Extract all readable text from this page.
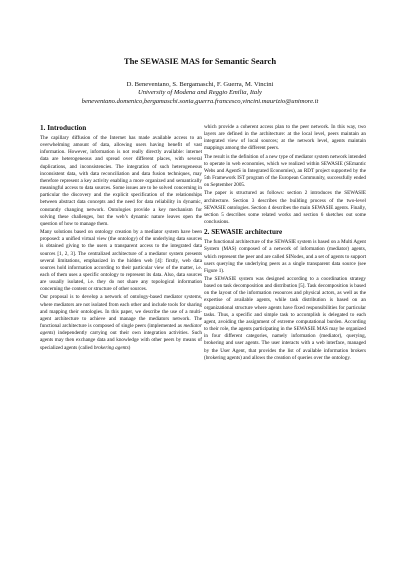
The SEWASIE MAS for Semantic Search
D. Beneventano, S. Bergamaschi, F. Guerra, M. Vincini
University of Modena and Reggio Emilia, Italy
beneventano.domenico,bergamaschi.sonia,guerra.francesco,vincini.maurizio@unimore.it
1. Introduction

The capillary diffusion of the Internet has made available access to an overwhelming amount of data, allowing users having benefit of vast information. However, information is not really directly available: internet data are heterogeneous and spread over different places, with several duplications, and inconsistencies. The integration of such heterogeneous inconsistent data, with data reconciliation and data fusion techniques, may therefore represent a key activity enabling a more organized and semantically meaningful access to data sources. Some issues are to be solved concerning in particular the discovery and the explicit specification of the relationships between abstract data concepts and the need for data reliability in dynamic, constantly changing network. Ontologies provide a key mechanism for solving these challenges, but the web’s dynamic nature leaves open the question of how to manage them.

Many solutions based on ontology creation by a mediator system have been proposed: a unified virtual view (the ontology) of the underlying data sources is obtained giving to the users a transparent access to the integrated data sources [1, 2, 3]. The centralized architecture of a mediator system presents several limitations, emphasized in the hidden web [4]: firstly, web data sources hold information according to their particular view of the matter, i.e. each of them uses a specific ontology to represent its data. Also, data sources are usually isolated, i.e. they do not share any topological information concerning the content or structure of other sources.

Our proposal is to develop a network of ontology-based mediator systems, where mediators are not isolated from each other and include tools for sharing and mapping their ontologies. In this paper, we describe the use of a multi-agent architecture to achieve and manage the mediators network. The functional architecture is composed of single peers (implemented as mediator agents) independently carrying out their own integration activities. Such agents may then exchange data and knowledge with other peers by means of specialized agents (called brokering agents)

which provide a coherent access plan to the peer network. In this way, two layers are defined in the architecture: at the local level, peers maintain an integrated view of local sources; at the network level, agents maintain mappings among the different peers.

The result is the definition of a new type of mediator system network intended to operate in web economies, which we realized within SEWASIE (SEmantic Webs and AgentS in Integrated Economies), an RDT project supported by the 5th Framework IST program of the European Community, successfully ended on September 2005.

The paper is structured as follows: section 2 introduces the SEWASIE architecture. Section 3 describes the building process of the two-level SEWASIE ontologies. Section 4 describes the main SEWASIE agents. Finally, section 5 describes some related works and section 6 sketches out some conclusions.

2. SEWASIE architecture

The functional architecture of the SEWASIE system is based on a Multi Agent System (MAS) composed of a network of information (mediator) agents, which represent the peer and are called SINodes, and a set of agents to support users querying the underlying peers as a single transparent data source (see Figure 1).

The SEWASIE system was designed according to a coordination strategy based on task decomposition and distribution [5]. Task decomposition is based on the layout of the information resources and physical actors, as well as the expertise of available agents, while task distribution is based on an organizational structure where agents have fixed responsibilities for particular tasks. Thus, a specific and simple task to accomplish is delegated to each agent, avoiding the assignment of extreme computational burden. According to their role, the agents participating in the SEWASIE MAS may be organized in four different categories, namely information (mediator), querying, brokering and user agents. The user interacts with a web interface, managed by the User Agent, that provides the list of available information brokers (brokering agents) and allows the creation of queries over the ontology.
